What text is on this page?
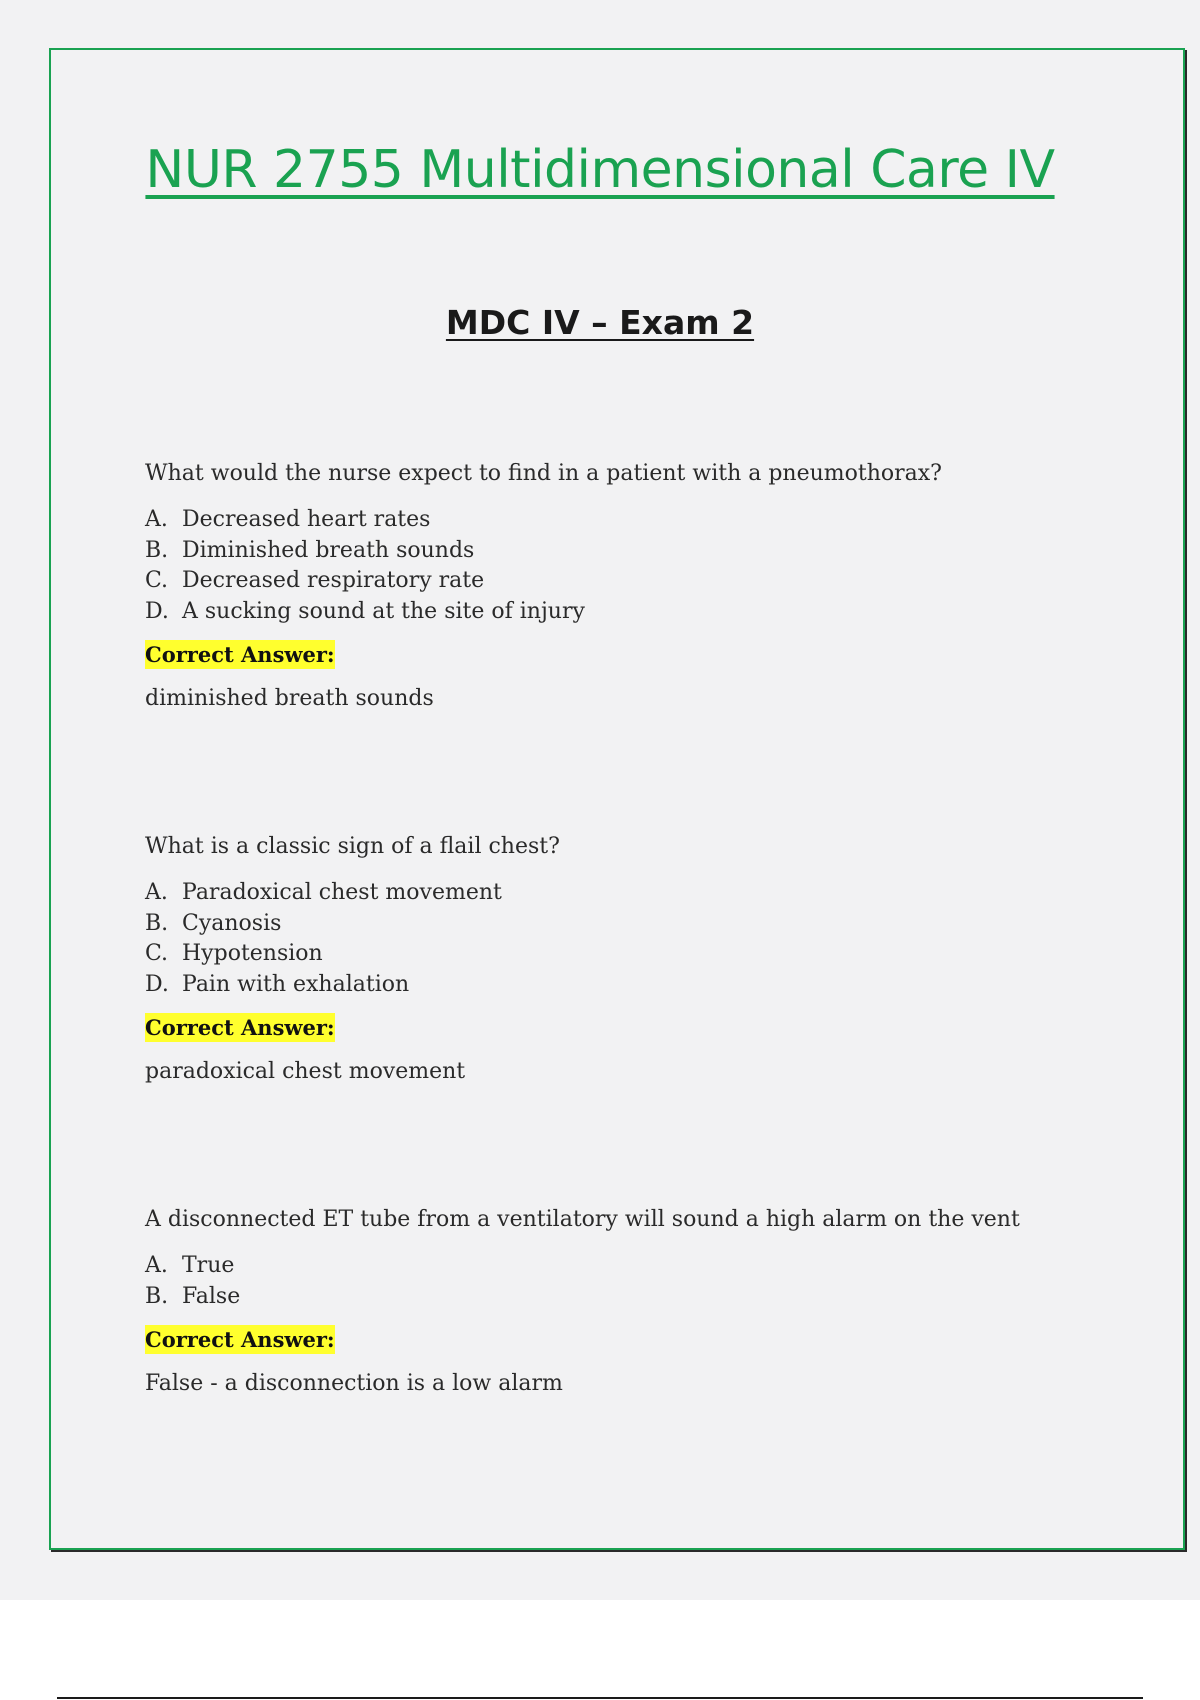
NUR 2755 Multidimensional Care IV
MDC IV – Exam 2

What would the nurse expect to find in a patient with a pneumothorax?

A. Decreased heart rates
B. Diminished breath sounds
C. Decreased respiratory rate
D. A sucking sound at the site of injury
Correct Answer:

diminished breath sounds

What is a classic sign of a flail chest?

A. Paradoxical chest movement
B. Cyanosis
C. Hypotension
D. Pain with exhalation
Correct Answer:

paradoxical chest movement

A disconnected ET tube from a ventilatory will sound a high alarm on the vent

A. True
B. False
Correct Answer:

False - a disconnection is a low alarm
